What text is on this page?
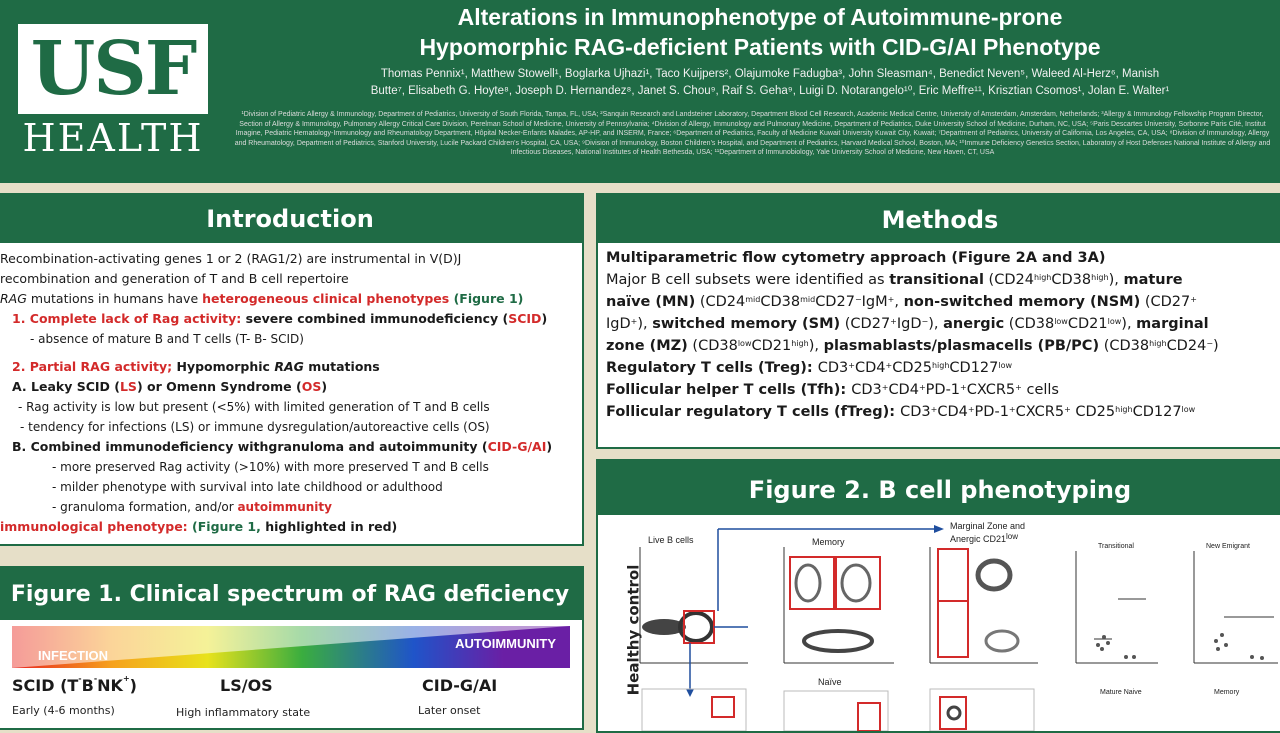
USF
HEALTH
Alterations in Immunophenotype of Autoimmune-prone
Hypomorphic RAG-deficient Patients with CID-G/AI Phenotype
Thomas Pennix¹, Matthew Stowell¹, Boglarka Ujhazi¹, Taco Kuijpers², Olajumoke Fadugba³, John Sleasman⁴, Benedict Neven⁵, Waleed Al-Herz⁶, Manish
Butte⁷, Elisabeth G. Hoyte⁸, Joseph D. Hernandez⁸, Janet S. Chou⁹, Raif S. Geha⁹, Luigi D. Notarangelo¹⁰, Eric Meffre¹¹, Krisztian Csomos¹, Jolan E. Walter¹
¹Division of Pediatric Allergy & Immunology, Department of Pediatrics, University of South Florida, Tampa, FL, USA; ²Sanquin Research and Landsteiner Laboratory, Department Blood Cell Research, Academic Medical Centre, University of Amsterdam, Amsterdam, Netherlands; ³Allergy & Immunology Fellowship Program Director, Section of Allergy & Immunology, Pulmonary Allergy Critical Care Division, Perelman School of Medicine, University of Pennsylvania; ⁴Division of Allergy, Immunology and Pulmonary Medicine, Department of Pediatrics, Duke University School of Medicine, Durham, NC, USA; ⁵Paris Descartes University, Sorbonne Paris Cité, Institut Imagine, Pediatric Hematology-Immunology and Rheumatology Department, Hôpital Necker-Enfants Malades, AP-HP, and INSERM, France; ⁶Department of Pediatrics, Faculty of Medicine Kuwait University Kuwait City, Kuwait; ⁷Department of Pediatrics, University of California, Los Angeles, CA, USA; ⁸Division of Immunology, Allergy and Rheumatology, Department of Pediatrics, Stanford University, Lucile Packard Children's Hospital, CA, USA; ⁹Division of Immunology, Boston Children's Hospital, and Department of Pediatrics, Harvard Medical School, Boston, MA; ¹⁰Immune Deficiency Genetics Section, Laboratory of Host Defenses National Institute of Allergy and Infectious Diseases, National Institutes of Health Bethesda, USA; ¹¹Department of Immunobiology, Yale University School of Medicine, New Haven, CT, USA
Introduction
Recombination-activating genes 1 or 2 (RAG1/2) are instrumental in V(D)J
recombination and generation of T and B cell repertoire
RAG mutations in humans have heterogeneous clinical phenotypes (Figure 1)
1. Complete lack of Rag activity: severe combined immunodeficiency (SCID)
- absence of mature B and T cells (T- B- SCID)
2. Partial RAG activity; Hypomorphic RAG mutations
A. Leaky SCID (LS) or Omenn Syndrome (OS)
- Rag activity is low but present (<5%) with limited generation of T and B cells
- tendency for infections (LS) or immune dysregulation/autoreactive cells (OS)
B. Combined immunodeficiency withgranuloma and autoimmunity (CID-G/AI)
- more preserved Rag activity (>10%) with more preserved T and B cells
- milder phenotype with survival into late childhood or adulthood
- granuloma formation, and/or autoimmunity
immunological phenotype: (Figure 1, highlighted in red)
Methods
Multiparametric flow cytometry approach (Figure 2A and 3A)
Major B cell subsets were identified as transitional $(CD24^{high}CD38^{high})$, mature
naïve (MN) ($CD24^{mid}CD38^{mid}CD27^-IgM^+$, non-switched memory (NSM) (CD27+
IgD+), switched memory (SM) (CD27+IgD−), anergic $(CD38^{low}CD21^{low})$, marginal
zone (MZ) $(CD38^{low}CD21^{high})$, plasmablasts/plasmacells (PB/PC) $(CD38^{high}CD24^-)$
Regulatory T cells (Treg): $CD3^+CD4^+CD25^{high}CD127^{low}$
Follicular helper T cells (Tfh): CD3+CD4+PD-1+CXCR5+ cells
Follicular regulatory T cells (fTreg): CD3+CD4+PD-1+CXCR5+ $CD25^{high}CD127^{low}$
Figure 1. Clinical spectrum of RAG deficiency
INFECTION
AUTOIMMUNITY
SCID (T-B-NK+)	LS/OS	CID-G/AI
Early (4-6 months)	High inflammatory state	Later onset
Figure 2. B cell phenotyping
Healthy control
Live B cells	Memory
Marginal Zone and
Anergic $CD21^{low}$
Naïve
Transitional	New Emigrant
Mature Naive	Memory
